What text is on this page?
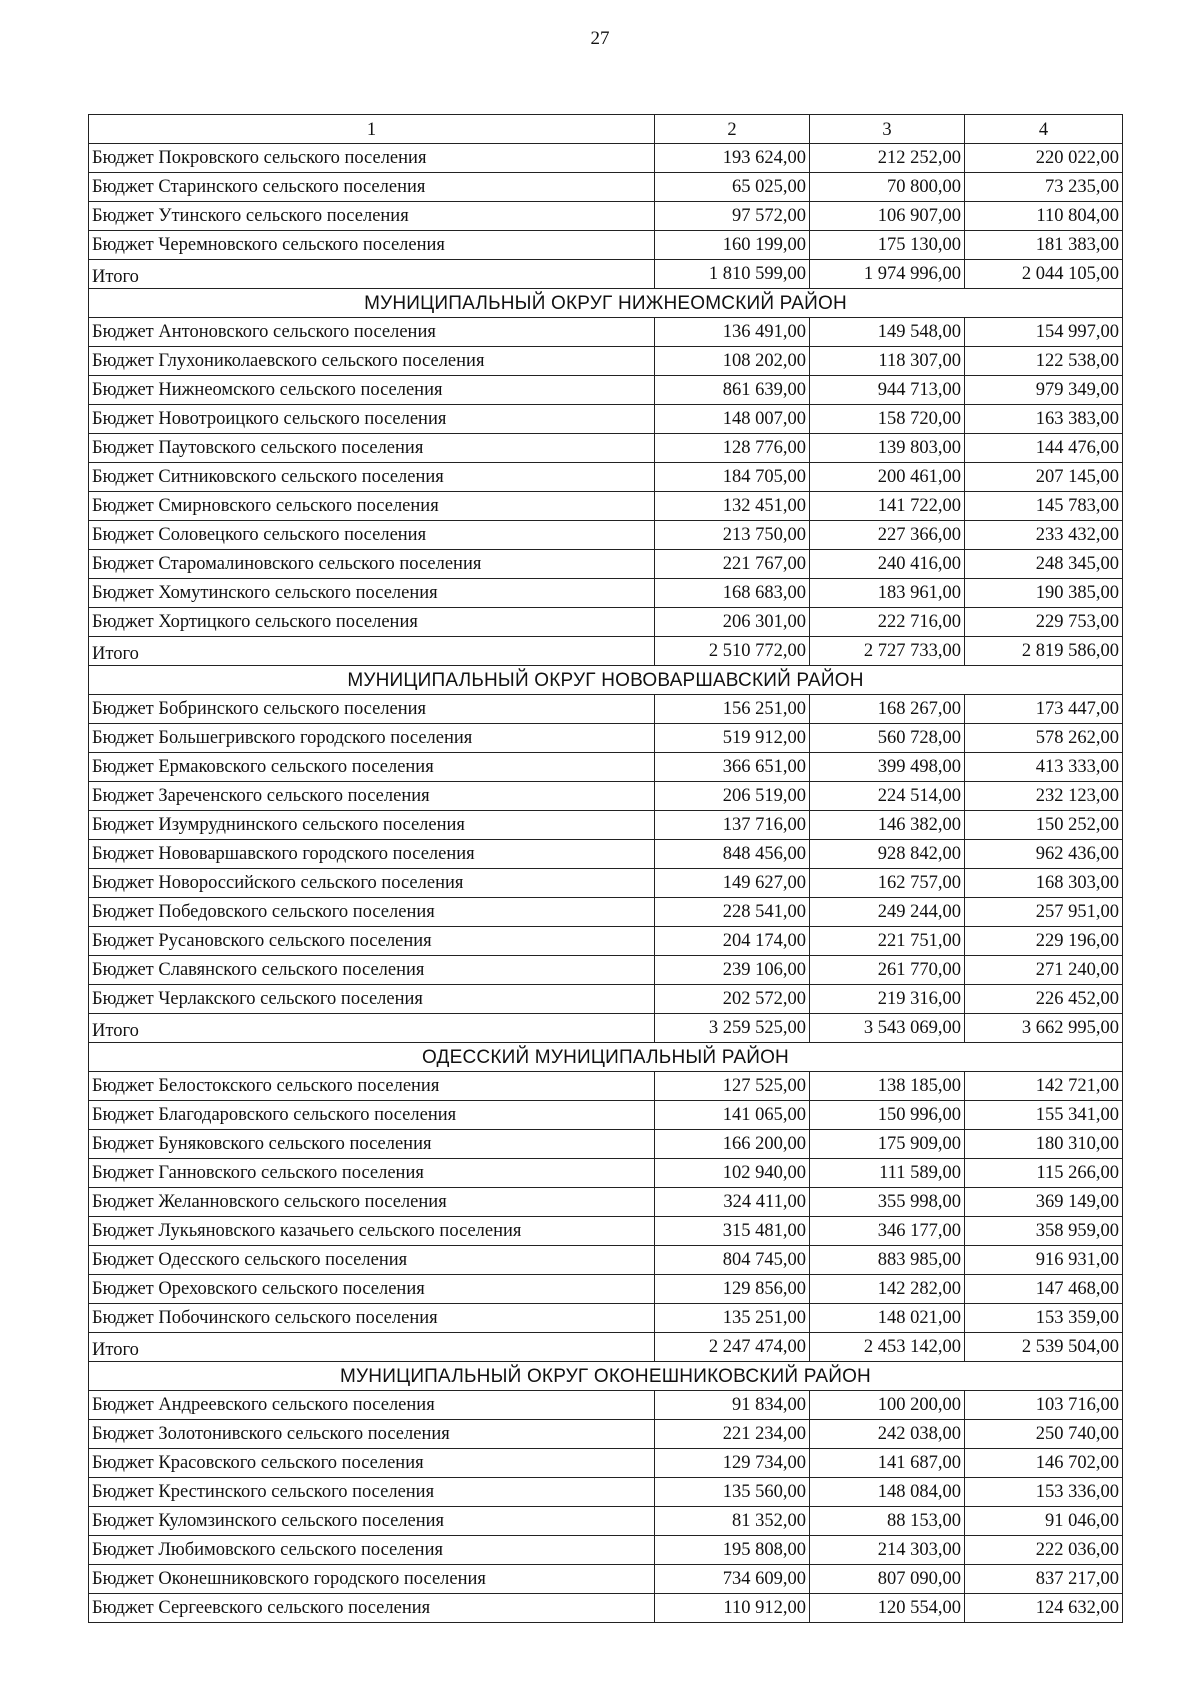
27
1	2	3	4
Бюджет Покровского сельского поселения	193 624,00	212 252,00	220 022,00
Бюджет Старинского сельского поселения	65 025,00	70 800,00	73 235,00
Бюджет Утинского сельского поселения	97 572,00	106 907,00	110 804,00
Бюджет Черемновского сельского поселения	160 199,00	175 130,00	181 383,00
Итого	1 810 599,00	1 974 996,00	2 044 105,00
МУНИЦИПАЛЬНЫЙ ОКРУГ НИЖНЕОМСКИЙ РАЙОН			
Бюджет Антоновского сельского поселения	136 491,00	149 548,00	154 997,00
Бюджет Глухониколаевского сельского поселения	108 202,00	118 307,00	122 538,00
Бюджет Нижнеомского сельского поселения	861 639,00	944 713,00	979 349,00
Бюджет Новотроицкого сельского поселения	148 007,00	158 720,00	163 383,00
Бюджет Паутовского сельского поселения	128 776,00	139 803,00	144 476,00
Бюджет Ситниковского сельского поселения	184 705,00	200 461,00	207 145,00
Бюджет Смирновского сельского поселения	132 451,00	141 722,00	145 783,00
Бюджет Соловецкого сельского поселения	213 750,00	227 366,00	233 432,00
Бюджет Старомалиновского сельского поселения	221 767,00	240 416,00	248 345,00
Бюджет Хомутинского сельского поселения	168 683,00	183 961,00	190 385,00
Бюджет Хортицкого сельского поселения	206 301,00	222 716,00	229 753,00
Итого	2 510 772,00	2 727 733,00	2 819 586,00
МУНИЦИПАЛЬНЫЙ ОКРУГ НОВОВАРШАВСКИЙ РАЙОН			
Бюджет Бобринского сельского поселения	156 251,00	168 267,00	173 447,00
Бюджет Большегривского городского поселения	519 912,00	560 728,00	578 262,00
Бюджет Ермаковского сельского поселения	366 651,00	399 498,00	413 333,00
Бюджет Зареченского сельского поселения	206 519,00	224 514,00	232 123,00
Бюджет Изумруднинского сельского поселения	137 716,00	146 382,00	150 252,00
Бюджет Нововаршавского городского поселения	848 456,00	928 842,00	962 436,00
Бюджет Новороссийского сельского поселения	149 627,00	162 757,00	168 303,00
Бюджет Победовского сельского поселения	228 541,00	249 244,00	257 951,00
Бюджет Русановского сельского поселения	204 174,00	221 751,00	229 196,00
Бюджет Славянского сельского поселения	239 106,00	261 770,00	271 240,00
Бюджет Черлакского сельского поселения	202 572,00	219 316,00	226 452,00
Итого	3 259 525,00	3 543 069,00	3 662 995,00
ОДЕССКИЙ МУНИЦИПАЛЬНЫЙ РАЙОН			
Бюджет Белостокского сельского поселения	127 525,00	138 185,00	142 721,00
Бюджет Благодаровского сельского поселения	141 065,00	150 996,00	155 341,00
Бюджет Буняковского сельского поселения	166 200,00	175 909,00	180 310,00
Бюджет Ганновского сельского поселения	102 940,00	111 589,00	115 266,00
Бюджет Желанновского сельского поселения	324 411,00	355 998,00	369 149,00
Бюджет Лукьяновского казачьего сельского поселения	315 481,00	346 177,00	358 959,00
Бюджет Одесского сельского поселения	804 745,00	883 985,00	916 931,00
Бюджет Ореховского сельского поселения	129 856,00	142 282,00	147 468,00
Бюджет Побочинского сельского поселения	135 251,00	148 021,00	153 359,00
Итого	2 247 474,00	2 453 142,00	2 539 504,00
МУНИЦИПАЛЬНЫЙ ОКРУГ ОКОНЕШНИКОВСКИЙ РАЙОН			
Бюджет Андреевского сельского поселения	91 834,00	100 200,00	103 716,00
Бюджет Золотонивского сельского поселения	221 234,00	242 038,00	250 740,00
Бюджет Красовского сельского поселения	129 734,00	141 687,00	146 702,00
Бюджет Крестинского сельского поселения	135 560,00	148 084,00	153 336,00
Бюджет Куломзинского сельского поселения	81 352,00	88 153,00	91 046,00
Бюджет Любимовского сельского поселения	195 808,00	214 303,00	222 036,00
Бюджет Оконешниковского городского поселения	734 609,00	807 090,00	837 217,00
Бюджет Сергеевского сельского поселения	110 912,00	120 554,00	124 632,00
